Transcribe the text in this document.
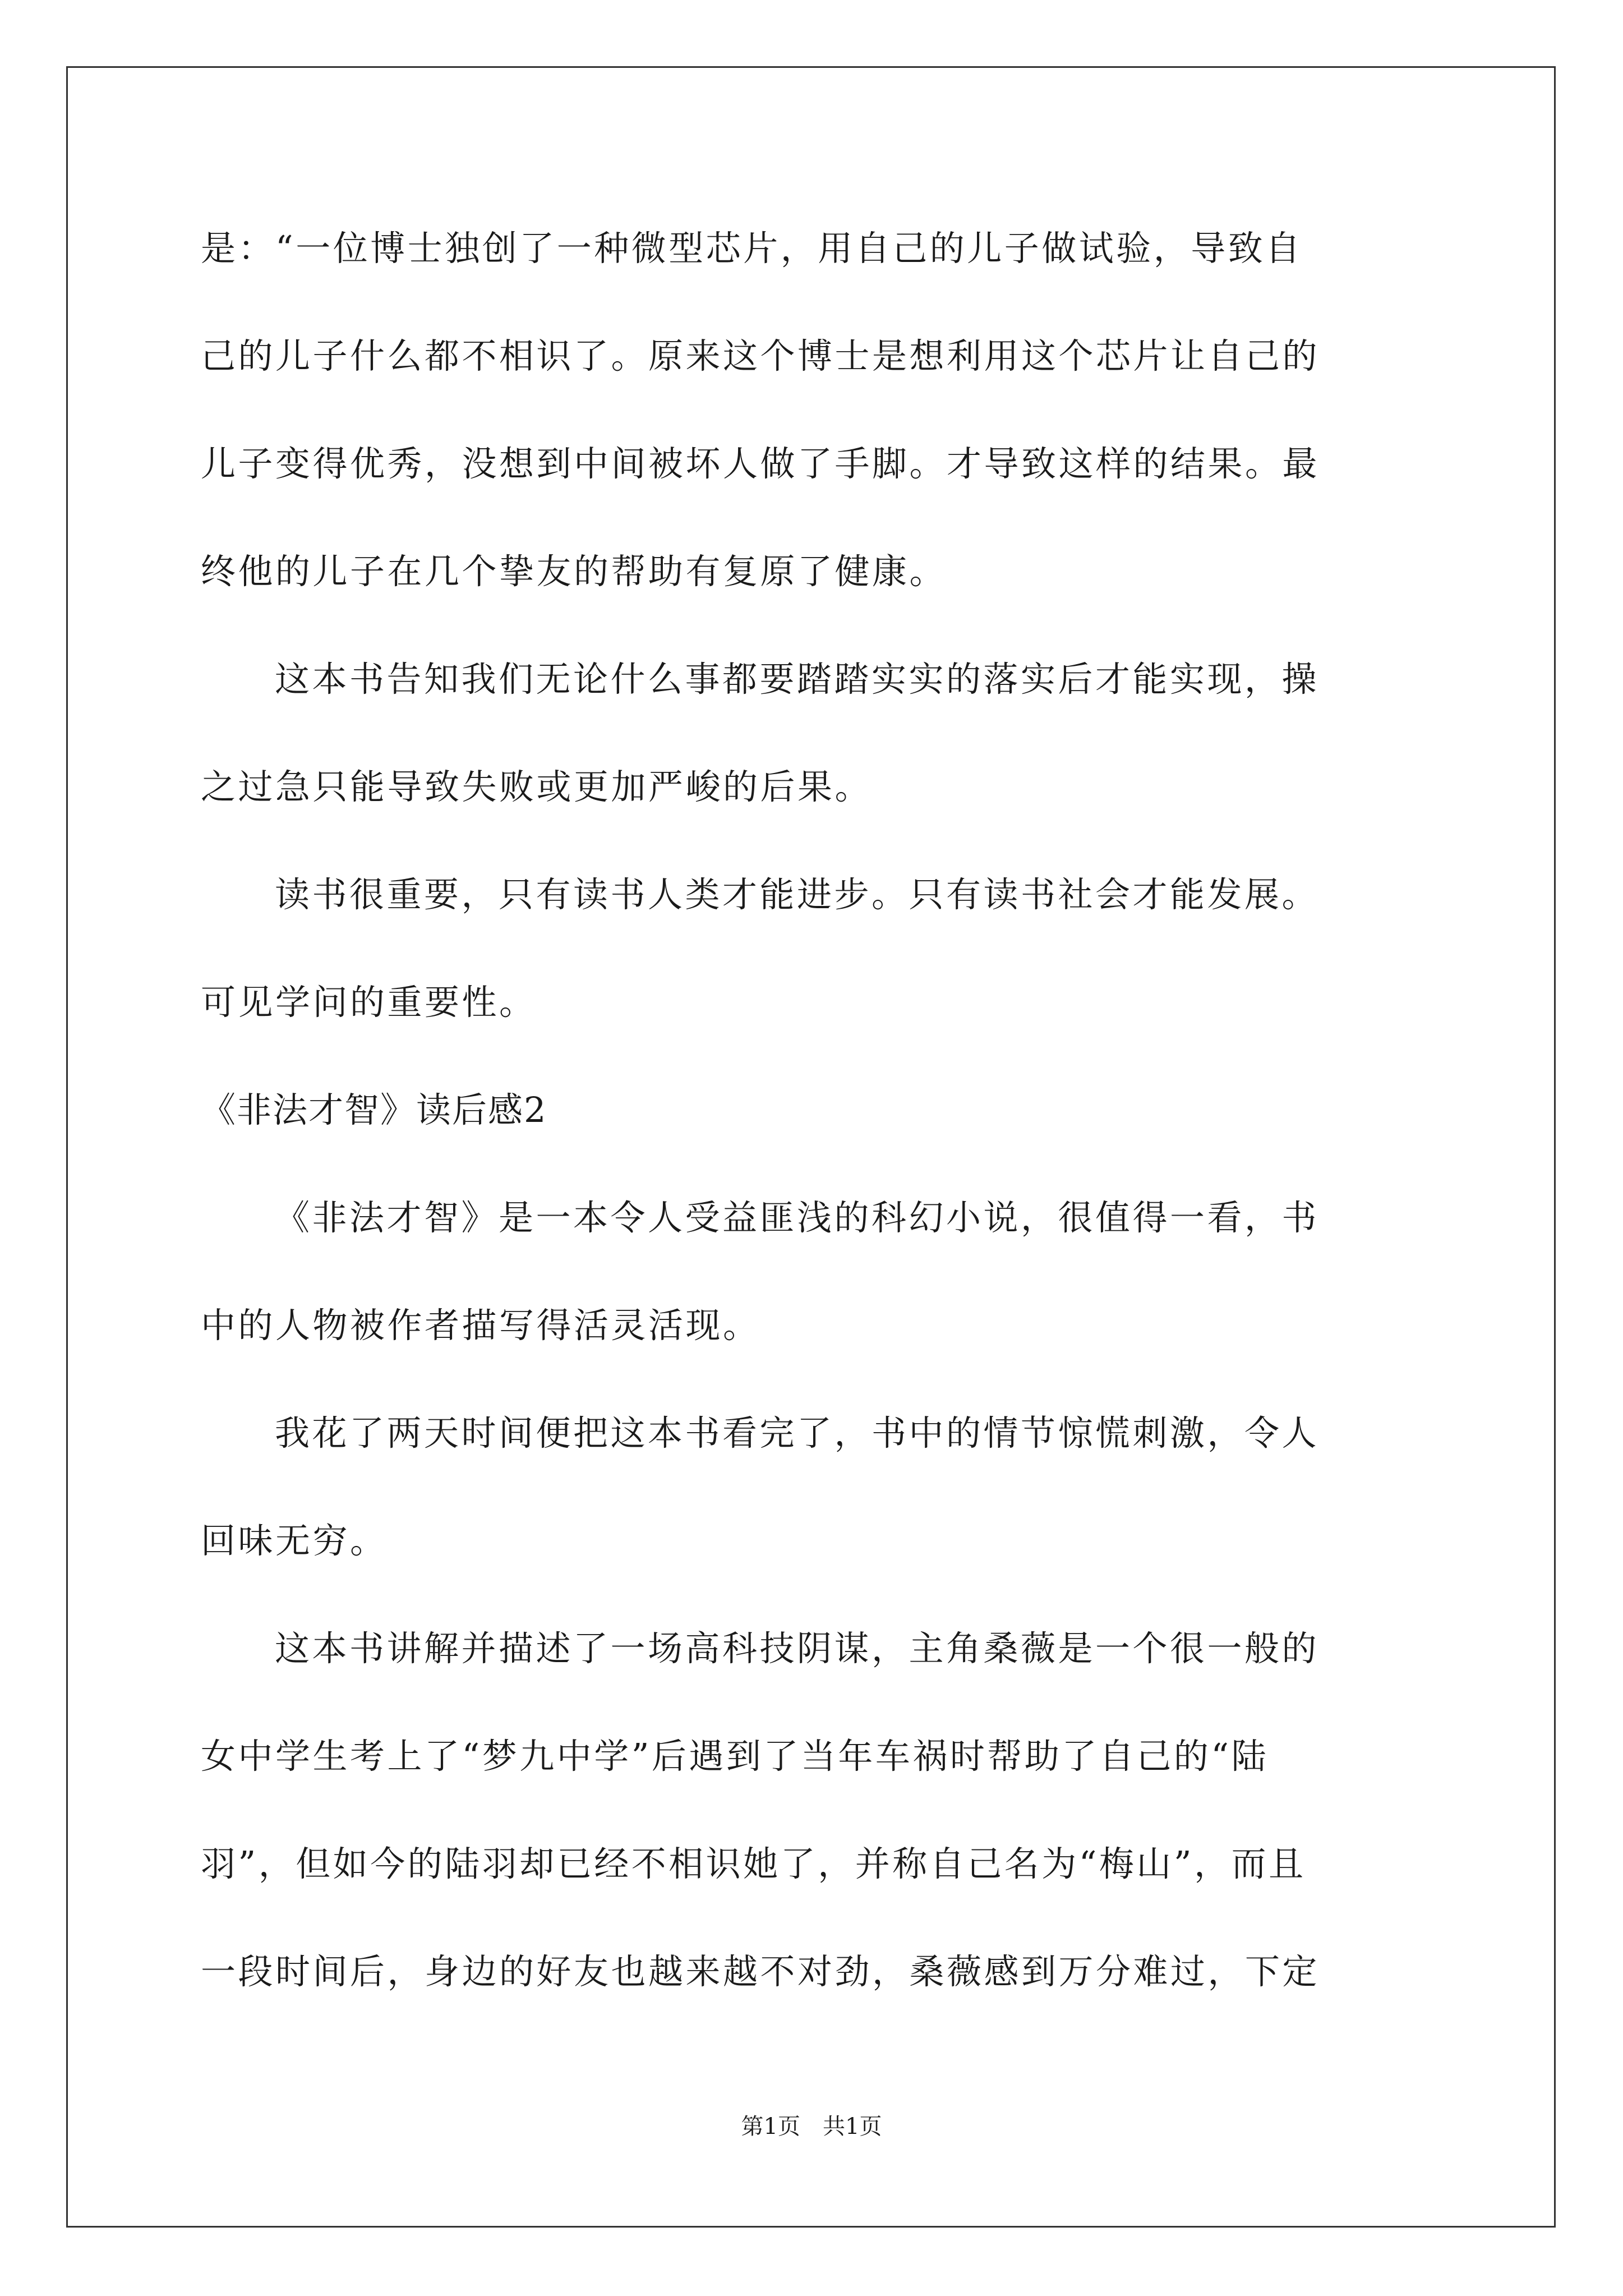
是：“一位博士独创了一种微型芯片，用自己的儿子做试验，导致自
己的儿子什么都不相识了。原来这个博士是想利用这个芯片让自己的
儿子变得优秀，没想到中间被坏人做了手脚。才导致这样的结果。最
终他的儿子在几个挚友的帮助有复原了健康。
这本书告知我们无论什么事都要踏踏实实的落实后才能实现，操
之过急只能导致失败或更加严峻的后果。
读书很重要，只有读书人类才能进步。只有读书社会才能发展。
可见学问的重要性。
《非法才智》读后感2
《非法才智》是一本令人受益匪浅的科幻小说，很值得一看，书
中的人物被作者描写得活灵活现。
我花了两天时间便把这本书看完了，书中的情节惊慌刺激，令人
回味无穷。
这本书讲解并描述了一场高科技阴谋，主角桑薇是一个很一般的
女中学生考上了“梦九中学”后遇到了当年车祸时帮助了自己的“陆
羽”，但如今的陆羽却已经不相识她了，并称自己名为“梅山”，而且
一段时间后，身边的好友也越来越不对劲，桑薇感到万分难过，下定
第1页 共1页
